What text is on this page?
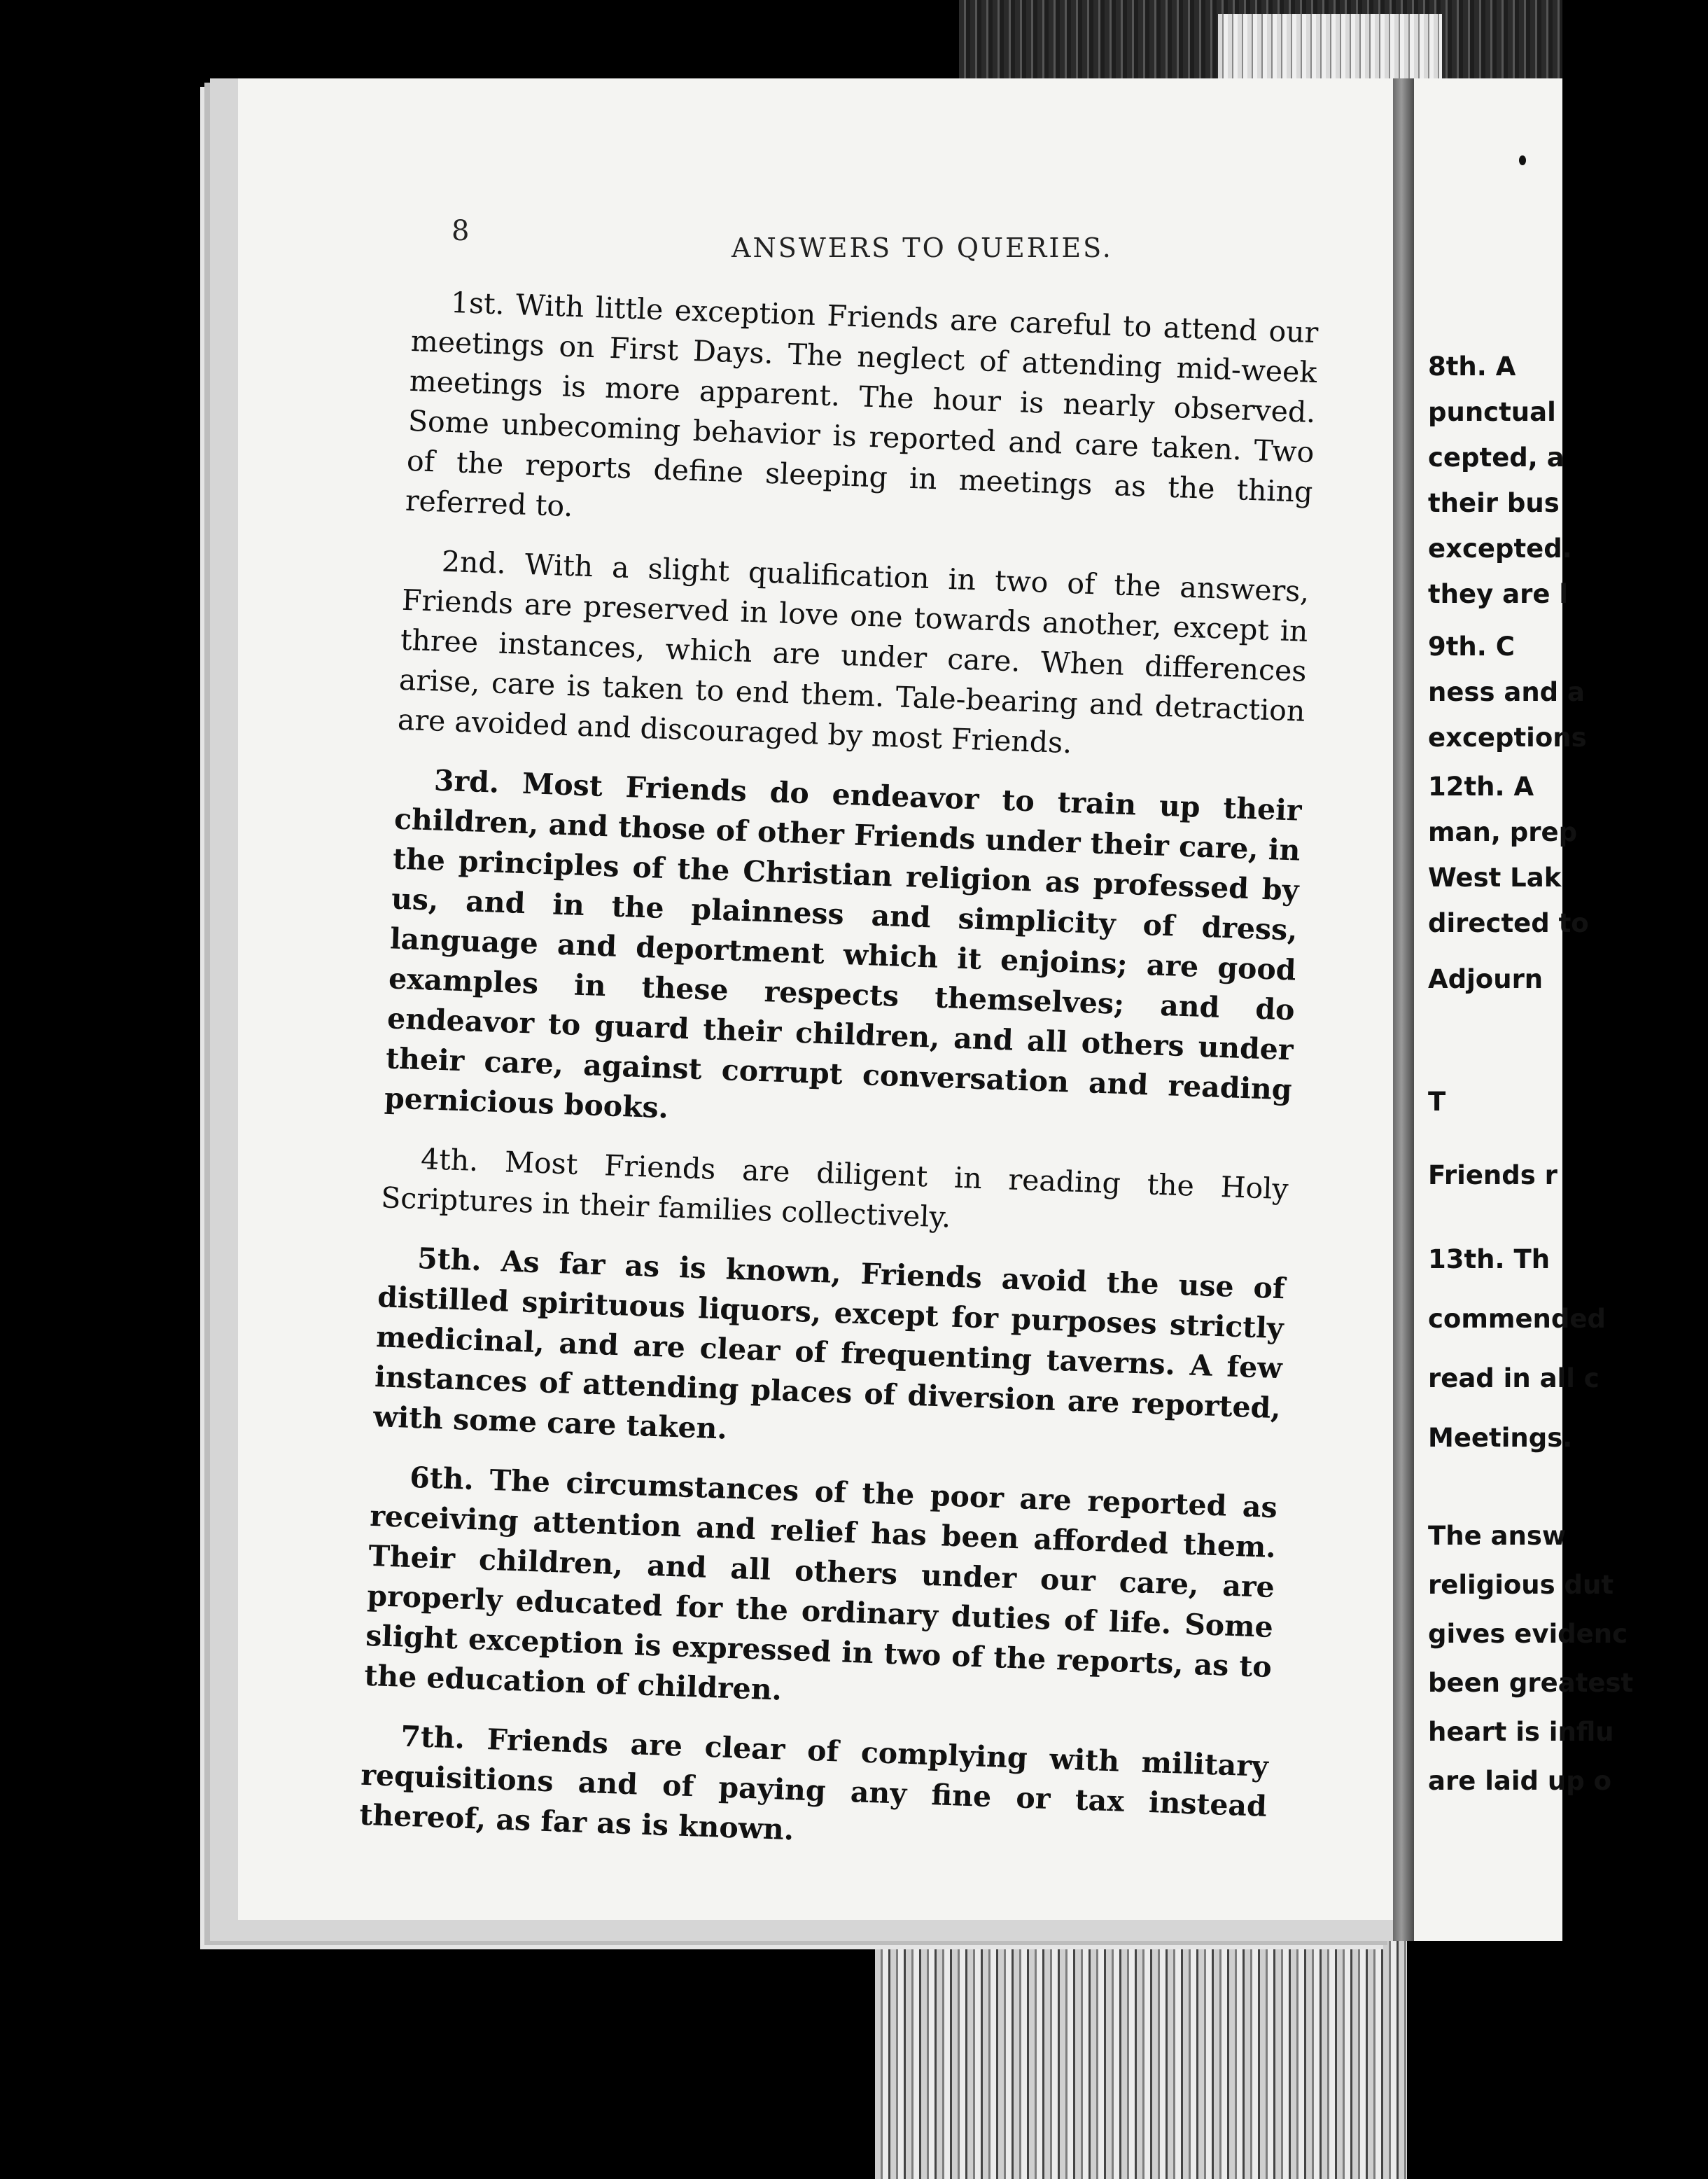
8

ANSWERS TO QUERIES.

1st. With little exception Friends are careful to attend our meetings on First Days. The neglect of attending mid-week meetings is more apparent. The hour is nearly observed. Some unbecoming behavior is reported and care taken. Two of the reports define sleeping in meetings as the thing referred to.

2nd. With a slight qualification in two of the answers, Friends are preserved in love one towards another, except in three instances, which are under care. When differences arise, care is taken to end them. Tale-bearing and detraction are avoided and discouraged by most Friends.

3rd. Most Friends do endeavor to train up their children, and those of other Friends under their care, in the principles of the Christian religion as professed by us, and in the plainness and simplicity of dress, language and deportment which it enjoins; are good examples in these respects themselves; and do endeavor to guard their children, and all others under their care, against corrupt conversation and reading pernicious books.

4th. Most Friends are diligent in reading the Holy Scriptures in their families collectively.

5th. As far as is known, Friends avoid the use of distilled spirituous liquors, except for purposes strictly medicinal, and are clear of frequenting taverns. A few instances of attending places of diversion are reported, with some care taken.

6th. The circumstances of the poor are reported as receiving attention and relief has been afforded them. Their children, and all others under our care, are properly educated for the ordinary duties of life. Some slight exception is expressed in two of the reports, as to the education of children.

7th. Friends are clear of complying with military requisitions and of paying any fine or tax instead thereof, as far as is known.

8th. A

punctual

cepted, a

their bus

excepted.

they are l

9th. C

ness and a

exceptions

12th. A

man, prep

West Lak

directed to

Adjourn

T

Friends r

13th. Th

commended

read in all c

Meetings.

The answ

religious dut

gives evidenc

been greatest

heart is influ

are laid up o
